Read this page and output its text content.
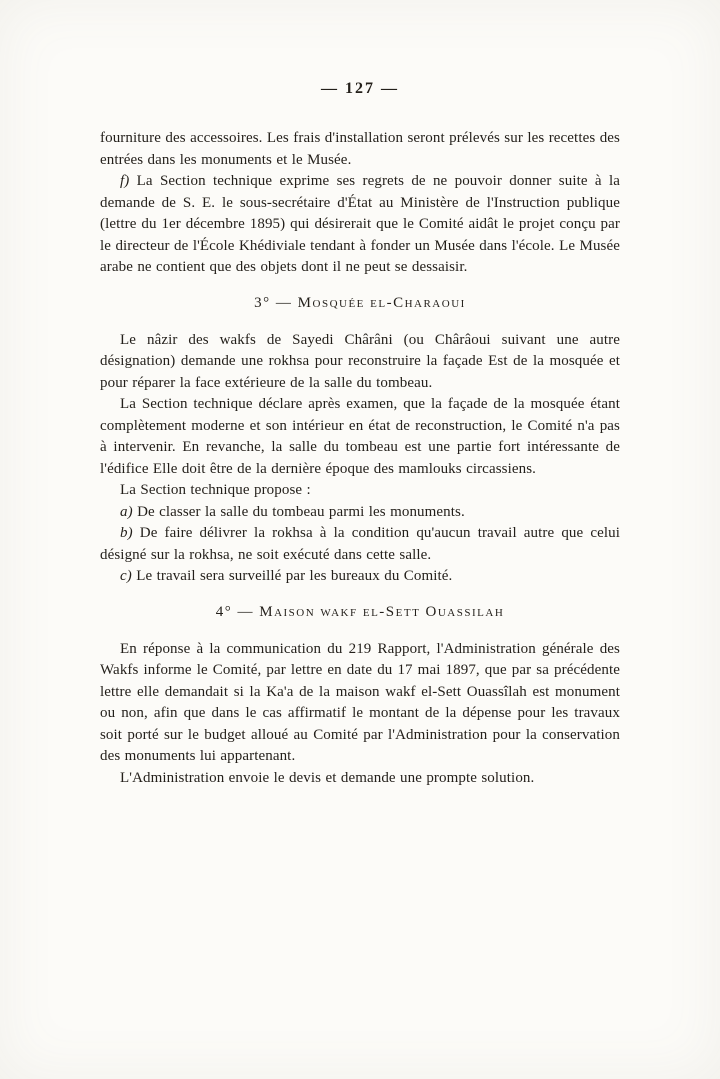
— 127 —

fourniture des accessoires. Les frais d'installation seront prélevés sur les recettes des entrées dans les monuments et le Musée.

f) La Section technique exprime ses regrets de ne pouvoir donner suite à la demande de S. E. le sous-secrétaire d'État au Ministère de l'Instruction publique (lettre du 1er décembre 1895) qui désirerait que le Comité aidât le projet conçu par le directeur de l'École Khédiviale tendant à fonder un Musée dans l'école. Le Musée arabe ne contient que des objets dont il ne peut se dessaisir.

3° — Mosquée el-Charaoui

Le nâzir des wakfs de Sayedi Chârâni (ou Chârâoui suivant une autre désignation) demande une rokhsa pour reconstruire la façade Est de la mosquée et pour réparer la face extérieure de la salle du tombeau.

La Section technique déclare après examen, que la façade de la mosquée étant complètement moderne et son intérieur en état de reconstruction, le Comité n'a pas à intervenir. En revanche, la salle du tombeau est une partie fort intéressante de l'édifice Elle doit être de la dernière époque des mamlouks circassiens.

La Section technique propose :

a) De classer la salle du tombeau parmi les monuments.

b) De faire délivrer la rokhsa à la condition qu'aucun travail autre que celui désigné sur la rokhsa, ne soit exécuté dans cette salle.

c) Le travail sera surveillé par les bureaux du Comité.

4° — Maison wakf el-Sett Ouassilah

En réponse à la communication du 219 Rapport, l'Administration générale des Wakfs informe le Comité, par lettre en date du 17 mai 1897, que par sa précédente lettre elle demandait si la Ka'a de la maison wakf el-Sett Ouassîlah est monument ou non, afin que dans le cas affirmatif le montant de la dépense pour les travaux soit porté sur le budget alloué au Comité par l'Administration pour la conservation des monuments lui appartenant.

L'Administration envoie le devis et demande une prompte solution.
